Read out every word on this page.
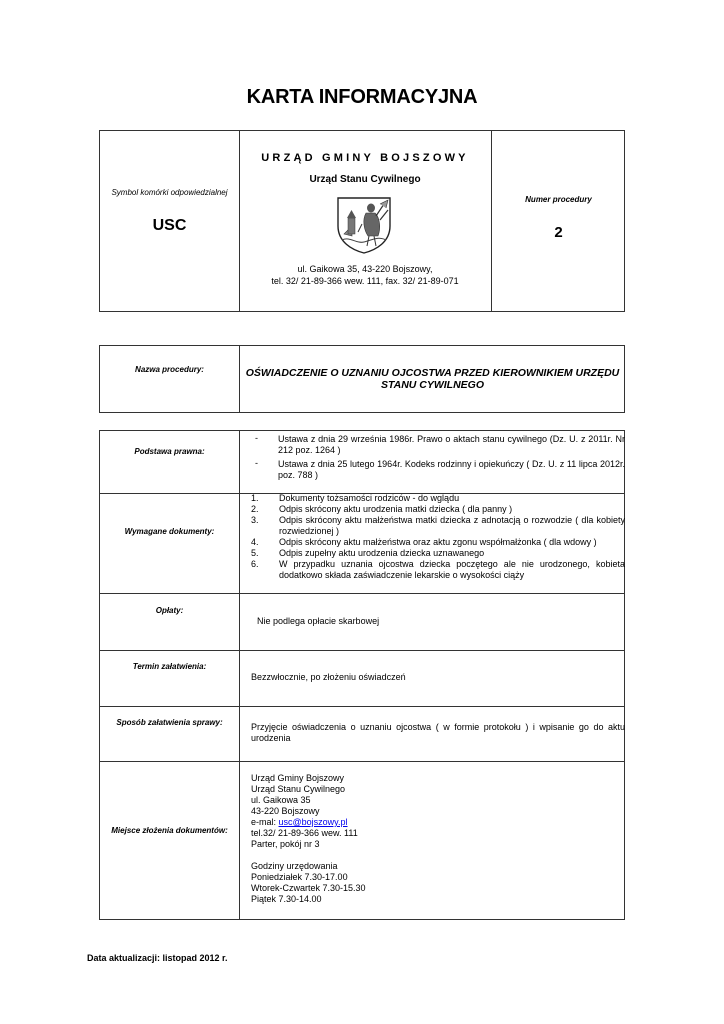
KARTA INFORMACYJNA
Symbol komórki odpowiedzialnej
USC
URZĄD GMINY BOJSZOWY
Urząd Stanu Cywilnego
ul. Gaikowa 35, 43-220 Bojszowy,
tel. 32/ 21-89-366 wew. 111, fax. 32/ 21-89-071
Numer procedury
2
Nazwa procedury:	OŚWIADCZENIE O UZNANIU OJCOSTWA PRZED KIEROWNIKIEM URZĘDU STANU CYWILNEGO
Podstawa prawna:
- Ustawa z dnia 29 września 1986r. Prawo o aktach stanu cywilnego (Dz. U. z 2011r. Nr 212 poz. 1264 )
- Ustawa z dnia 25 lutego 1964r. Kodeks rodzinny i opiekuńczy ( Dz. U. z 11 lipca 2012r. poz. 788 )
Wymagane dokumenty:
1. Dokumenty tożsamości rodziców - do wglądu
2. Odpis skrócony aktu urodzenia matki dziecka ( dla panny )
3. Odpis skrócony aktu małżeństwa matki dziecka z adnotacją o rozwodzie ( dla kobiety rozwiedzionej )
4. Odpis skrócony aktu małżeństwa oraz aktu zgonu współmałżonka ( dla wdowy )
5. Odpis zupełny aktu urodzenia dziecka uznawanego
6. W przypadku uznania ojcostwa dziecka poczętego ale nie urodzonego, kobieta dodatkowo składa zaświadczenie lekarskie o wysokości ciąży
Opłaty:
Nie podlega opłacie skarbowej
Termin załatwienia:
Bezzwłocznie, po złożeniu oświadczeń
Sposób załatwienia sprawy:	Przyjęcie oświadczenia o uznaniu ojcostwa ( w formie protokołu ) i wpisanie go do aktu urodzenia
Miejsce złożenia dokumentów:
Urząd Gminy Bojszowy
Urząd Stanu Cywilnego
ul. Gaikowa 35
43-220 Bojszowy
e-mal: usc@bojszowy.pl
tel.32/ 21-89-366 wew. 111
Parter, pokój nr 3
Godziny urzędowania
Poniedziałek 7.30-17.00
Wtorek-Czwartek 7.30-15.30
Piątek 7.30-14.00
Data aktualizacji: listopad 2012 r.
